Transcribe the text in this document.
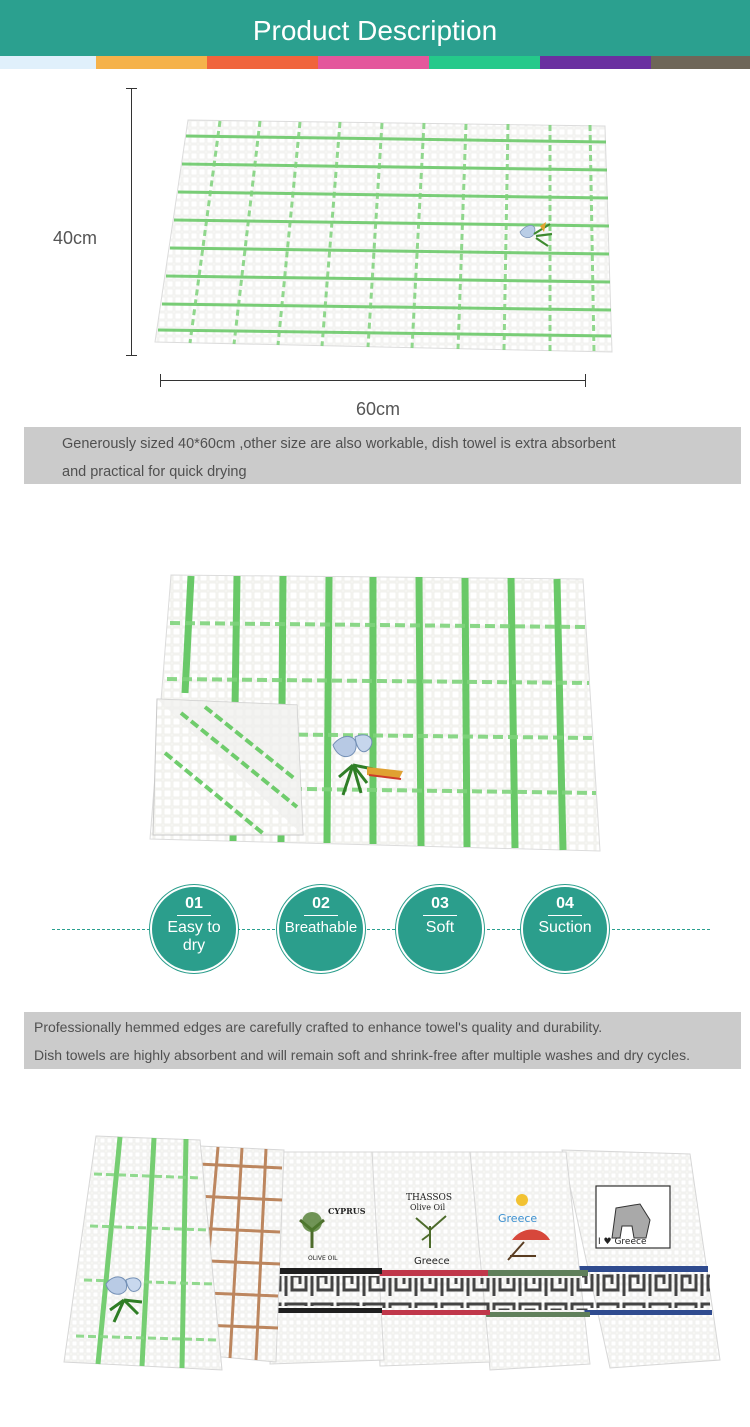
Product Description
40cm
60cm

Generously sized 40*60cm ,other size are also workable, dish towel is extra absorbent

and practical for quick drying

01
Easy to
dry
02
Breathable
03
Soft
04
Suction

Professionally hemmed edges are carefully crafted to enhance towel's quality and durability.

Dish towels are highly absorbent and will remain soft and shrink-free after multiple washes and dry cycles.

I ♥ Greece
Greece
THASSOS
Olive Oil
Greece
CYPRUS
OLIVE OIL
